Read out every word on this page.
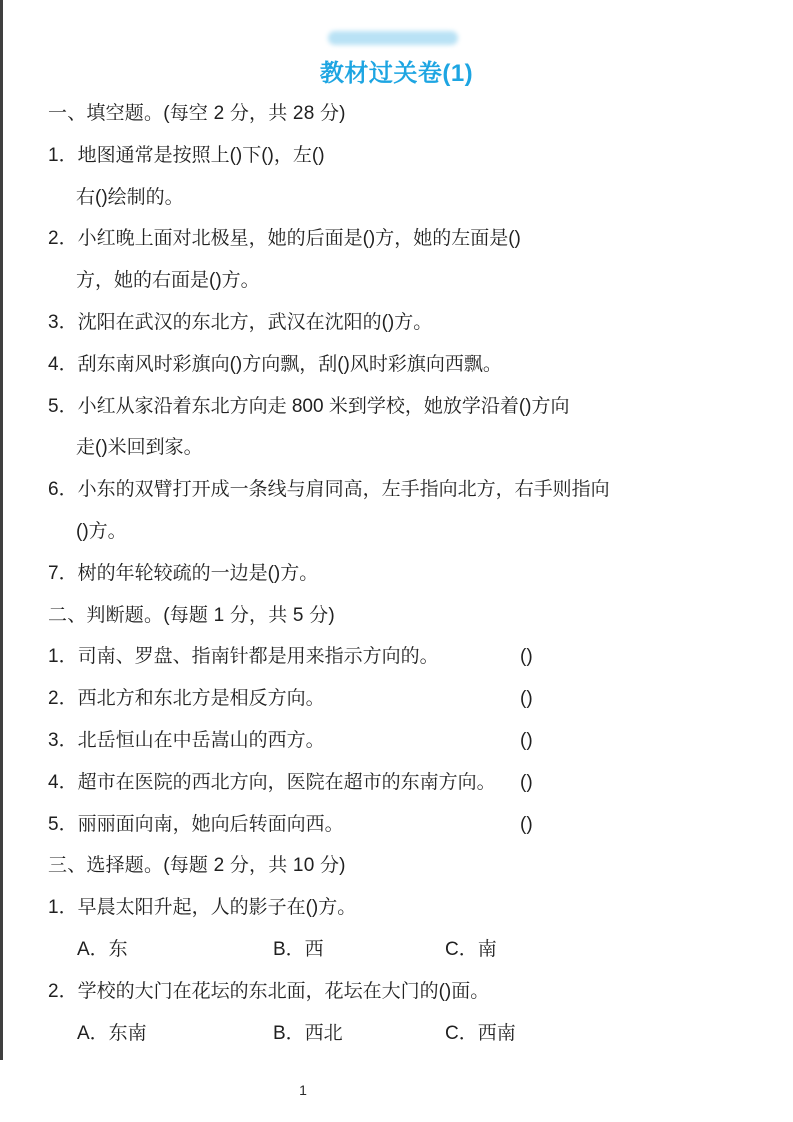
教材过关卷(1)
一、填空题。(每空 2 分，共 28 分)
1．地图通常是按照上()下()，左()
右()绘制的。
2．小红晚上面对北极星，她的后面是()方，她的左面是()
方，她的右面是()方。
3．沈阳在武汉的东北方，武汉在沈阳的()方。
4．刮东南风时彩旗向()方向飘，刮()风时彩旗向西飘。
5．小红从家沿着东北方向走 800 米到学校，她放学沿着()方向
走()米回到家。
6．小东的双臂打开成一条线与肩同高，左手指向北方，右手则指向
()方。
7．树的年轮较疏的一边是()方。
二、判断题。(每题 1 分，共 5 分)
1．司南、罗盘、指南针都是用来指示方向的。	()
2．西北方和东北方是相反方向。	()
3．北岳恒山在中岳嵩山的西方。	()
4．超市在医院的西北方向，医院在超市的东南方向。 ()
5．丽丽面向南，她向后转面向西。	()
三、选择题。(每题 2 分，共 10 分)
1．早晨太阳升起，人的影子在()方。
A．东	B．西	C．南
2．学校的大门在花坛的东北面，花坛在大门的()面。
A．东南	B．西北	C．西南
1
